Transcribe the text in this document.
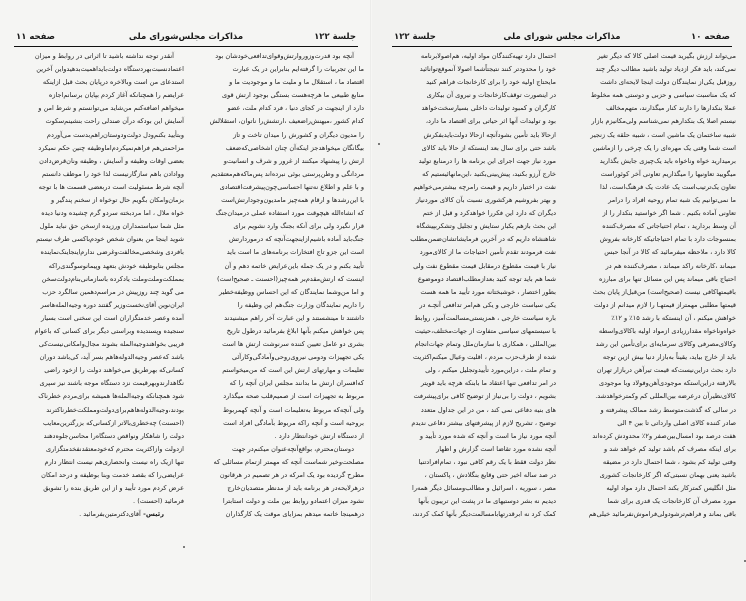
صفحه ۱۱	مذاکرات مجلس‌شورای ملی	جلسة ۱۲۲

آنچه بود قدرت‌وزورو‌ارتش‌وقوای‌تدافعی‌خودشان بود

ما این تجربیات را گرفته‌ایم بنابراین در یک عبارت

اقتصاد ما ، استقلال ما و ملیت ما و موجودیت ما و

منابع طبیعی ما هرچه‌هست بستگی بوجود ارتش قوی

دارد از اینجهت در کجای دنیا ، فرد کدام ملت، عضو

کدام کشور ،میهنش‌راضعیف ،ارتشش‌را ناتوان، استقلالش

را مدیون دیگران و کشورش را میدان تاخت و تاز

بیگانگان میخواهد‌جز اینکه‌آن چنان اشخاصی‌که‌ضعف

ارتش را پیشنهاد میکنند از غرور و شرف و انسانیت‌و

مردانگی و وطن‌پرستی بوئی نبرده‌اند پس‌ما‌که‌هم‌معتقدیم

و با علم و اطلاع نه‌تنها احساسی‌چون‌پیشرفت‌اقتصادی

با این‌رشدها و ارقام همه‌چیز مامدیون‌وجود‌ارتش‌است

که انشاءالله هیچوقت مورد استفاده عملی درمیدان‌جنگ

قرار نگیرد ولی برای آنکه بجنگ وارد نشویم برای

جنگ‌باید آماده باشیم‌ازاینجهت‌آنچه که درموردارتش

است این جزو تاج افتخارات برنامه‌های ما است باید

تأیید بکنم و در یک جمله باین‌عرایض خاتمه دهم و آن

اینست که ارتش‌مقدم‌بر همه‌چیز(احسنت ـ صحیح‌است)

و اما من‌وشما نمایندگان که این احساس ووظیفه‌خطیر

را داریم نمایندگان وزارت جنگ‌هم این وظیفه را

داشتند تا مینشستند و این عبارت آخر راهم میشنیدند

پس خواهش میکنم بآنها ابلاغ بفرمائید درطول تاریخ

بشری دو عامل تعیین کننده سرنوشت ارتش ها است

یکی تجهیزات ودومی نیروی‌روحی‌وآمادگی‌وکارآئی

تعلیمات و مهارتهای ارتش این است که من‌میخواستم

که‌افسران ارتش ما بدانند مجلس ایران آنچه را که

مربوط به تجهیزات است از صمیم‌قلب صحه میگذارد

ولی آنچه‌که مربوط به‌تعلیمات است و آنچه کهمربوط

بروحیه است و آنچه را‌که مربوط بآمادگی افراد است

از دستگاه ارتش خودانتظار دارد .

دوستان‌محترم، بواقع‌آنچه‌عنوان میکنم‌در جهت

مصلحت‌وخیر شماست آنچه که مهمتر ازتمام مسائلی که

مطرح گردیده بود یک امرکه در هر تصمیم در هرقانون

درهرلایحه‌در هر برنامه باید از مدنظر متصدیان‌خارج

نشود میزان اعتماد‌و روابط بین ملت و دولت استابترا

درهمینجا خاتمه میدهم بمزایای موقت یک کارگذاران

آنقدر توجه نداشته باشید تا اثراتی در روابط و میزان

اعتمادنسبت‌بهر‌دستگاه دولت‌بایداهمیت‌بدهیدواین آخرین

استدعای من است وبالاخره درپایان بحث قبل ازاینکه

عرایضم را همچنانکه آغاز کردم بپایان برسانم‌اجازه

میخواهم اضافه‌کنم من‌شاید می‌توانستم و شرط امن و

آسایش این بودکه درآن صندلی راحت بنشینم‌سکوت

وبتأیید بکنم‌ودل دولت‌ودوستان‌راهم‌بدست می‌آوردم

مزاحمتی‌هم فراهم‌نمیکردم‌اماوظیفه چنین حکم نمیکرد

بعضی اوقات وظیفه و آسایش ، وظیفه ونان‌قرض‌دادن

ووادادن باهم سازگار‌نیست لذا خود را موظف دانستم

آنچه شرط مسئولیت است دربعضی قسمت ها با توجه

بزمان‌وامکان بگویم حال توخواه از سخنم پندگیر و

خواه ملال ، اما مردبخته سردو گرم چشیده ودنیا دیده

مثل شما سیاستمداران ورزیده ازسخن حق نباید ملول

شوید اینجا من بعنوان شخص خودم‌باکسی طرف نیستم

بافردی وشخصی‌مخالفت‌وغرضی ندارم‌اینجاینک‌نماینده

مجلس بنابوظیفه خودش بتعهد وپیمانوسوگندی‌راکه

بمملکت‌وملت‌وملت یادکرده باسازمانی‌بنام‌دولت‌سخن

می گوید چند روزپیش در مراسم‌دهمین سالگرد حزب

ایران‌نوین آقای‌نخست‌وزیر گفتند دوره وجیه‌المله‌هاسر

آمده وعصر خدمتگزاران است این سخنی است بسیار

سنجیده وپسندیده وبراستی دیگر برای کسانی که باعوام

فریبی بخواهندوجیه‌المله بشوند مجال‌وامکانی‌نیست‌کی

باشد که‌عصر وجیه‌الدوله‌هاهم بسر آید، کی‌باشد دوران

کسانی‌که بهرطریق می‌خواهند دولت را ازخود راضی

نگاهدارندوبهرقیمت نزد دستگاه موجه باشند نیز سپری

شود همچنانکه وجیه‌المله‌ها همیشه برای‌مردم خطرناک

بودند،وجیه‌الدوله‌هاهم‌برای‌دولت‌ومملکت‌خطرناکترند

(احسنت) چه‌خطری‌بالاتر ازکسانی‌که بزرگترین‌معایب

دولت را شاهکار ونواقص دستگاه‌را محاسن‌جلوه‌دهند

ازدولت وازاکثریت محترم که‌خودمعتقد‌نفخدمتگزاری

تنها ازیک راه نیست وانحصاری‌هم نیست انتظار دارم

عرایضی‌را که بقصد خدمت وبنا بوظیفه و درحد امکان

عرض کردم مورد تأیید و از این طریق بنده را تشویق

فرمائید (احسنت) .

رئیس- آقای‌دکترمتین‌بفرمائید .

صفحه ۱۰
مذاکرات مجلس شورای ملی
جلسة ۱۲۲

می‌تواند ارزش بگیرید قیمت اصلی کالا که دیگر تغیر

نمی‌کند، باید فکر ازدیاد تولید باشید مطالب دیگر چند

روزقبل یکی‌از نمایندگان دولت اینجا لایحه‌ای داشت

که یک مناسبت سیاسی و حزبی و دوستی همه مخلوط

عملا بنکدارها را دارند کنار میگذارند، متهم‌مخالف

نیستم اصلا یک بنکدارهم نمی‌شناسم ولی‌مکانیزم بازار

شبیه ساختمان یک ماشین است ، شبیه حلقه یک زنجیر

است شما وقتی یک مهره‌ای را یک چرخی را ازماشین

برمیدارید خواه وناخواه باید یک‌چیزی جایش بگذارید

میگویید تعاونیها را میگذاریم تعاونی آخر کوئوراست

تعاون یک‌ترتیب‌است یک عادت یک فرهنگ‌است، لذا

ما نمی‌توانیم یک شبه تمام روحیه افراد را درامر

تعاونی آماده بکنیم . شما اگر خواستید بنکدار را از

آن وسط بردارید ، تمام احتیاجاتی که مصرف‌کننده

بمنسوجات دارد با تمام احتیاجاتیکه کارخانه بفروش

کالا دارد ، ملاحظه میفرمائید که کالا در آنجا حبس

میماند ،کارخانه راکد میماند ، مصرف‌کننده هم در

احتیاج باقی میماند پس این مسائل تنها برای مبارزه

باقیمتهاکافی نیست (صحیح‌است) من‌قبل‌از پایان بحث

قیمتها مطلبی مهمتراز قیمتهـا را لازم میدانم از دولت

خواهش میکنم ، آن اینستکه با رشد ۱۵٪ و ۱۲٪

خواه‌وناخواه مقدارزیادی ازمواد اولیه باکالای‌واسطه

وکالای‌مصرفی وکالای سرمایه‌ای برای‌تأمین این رشد

باید از خارج بیاید، یقیناً به‌بازار دنیا بیش ازین توجه

دارد بحث دراین‌نیست‌که قیمت تیرآهن دربازار تهران

بالارفته دراین‌استکه موجودی‌آهن‌وفولاد وبا موجودی

کالای‌نظیر‌آن درعرضه بین‌المللی کم وکمترخواهدشد.

در سالی که گذشت‌متوسط رشد ممالک پیشرفته و

صادر کننده کالای اصلی وارداتی تا بین ۴ الی

هفت درصد بود امسال‌بین‌صفر و۲٪ محدودش کرده‌اند

برای اینکه مصرف کم باشد تولید کم خواهد شد و

وقتی تولید کم بشود ، شما احتمال دارد در مضیقه

باشید یعنی بهمان نسبتی‌که اگر کارخانجات کشوری

مثل انگلیس کمترکار بکند احتمال دارد مواد اولیه

مورد مصرف آن کارخانجات یک قدری برای شما

باقی بماند و فراهم‌ترشودولی‌فراموش‌نفرمائید خیلی‌هم

احتمال دارد تهیه‌کنندگان مواد اولیه، هم‌اصولابرنامه

خود را محدودتر کنند نتیجتاًشما اصولا آنموقع‌توانائید

مایحتاج اولیه خود را برای کارخانجات فراهم کنید

در اینصورت توقف‌کارخانجات و نیروی آن بیکاری

کارگران و کمبود تولیدات داخلی بسیارسخت‌خواهد

بود و تولیدات آنها اثر حیاتی برای اقتصاد ما دارد،

ازحالا باید تأمین بشودآنچه ازحالا دولت‌بایدبفکرش

باشد حتی برای سال بعد اینستکه از حالا باید کالای

مورد نیاز جهت اجرای این برنامه ها را درمنابع تولید

خارج آرزو بکنید، پیش‌بینی‌بکنید ،این‌مانهائیستیم که

نفت در اختیار داریم و قیمت رامرچه بیشترمی‌خواهیم

و بهتر بفروشیم هرکشوری نسبت بآن کالای موردنیاز

دیگران که دارد این فکررا خواهدکرد و قبل از ختم

این بحث بازهم یکبار ستایش و تجلیل وتشکربپیشگاه

شاهنشاه داریم که در آخرین فرمایشاتشان‌ضمن‌مطلب

نفت فرمودند تقدم تأمین احتیاجات ما از کالای‌مورد

نیاز با قیمت مقطوع درمقابل قیمت مقطوع نفت ولی

شما هم باید توجه کنید بعدازمطلب‌اقتصاد دوموضوع

بطور اختصار ، خوشبختانه مورد تأیید ما همه هست

یکی سیاست خارجی و یکی هم‌امر تدافعی آنچـه در

باره سیاست خارجی ، همزیستی‌مسالمت‌آمیز، روابط

با سیستمهای سیاسی متفاوت از جهات‌مختلف،حیثیت

بین‌المللی ، همکاری با سازمان‌ملل وتمام جهات‌انجام

شده از طرف‌حزب مردم ، اقلیت وعیال میکنم‌اکثریت

و تمام ملت ، دراین‌مورد تأییدوتجلیل میکنم ، ولی

در امر تدافعی تنها اعتقاد ما بابنکه هرچه باید قویتر

بشویم ، دولت را بی‌نیاز از توضیح کافی برای‌پیشرفت

های بنیه دفاعی نمی کند ، من در این جداول متعدد

توضیح ، تشریح لازم از پیشرفتهای بیشتر دفاعی ندیدم

آنچه مورد نیاز ما است و آنچه که شده مورد تأیید و

آنچه نشده مورد تقاضا است گزارش و اظهار

نظر دولت فقط با یک رقم کافی نبود ، تمام‌افرادتنیا

در صد ساله اخیر حتی وقایع بنگلادش ، پاکستان ،

مصر ، سوریه ، اسرائیل و مطالب‌ومسائل دیگر همه‌را

دیدیم نه بشر دوستیهای ما در پشت این تریبون بآنها

کمک کرد نه ابرقدرتهابامسالمت‌دیگر بآنها کمک کردند،
